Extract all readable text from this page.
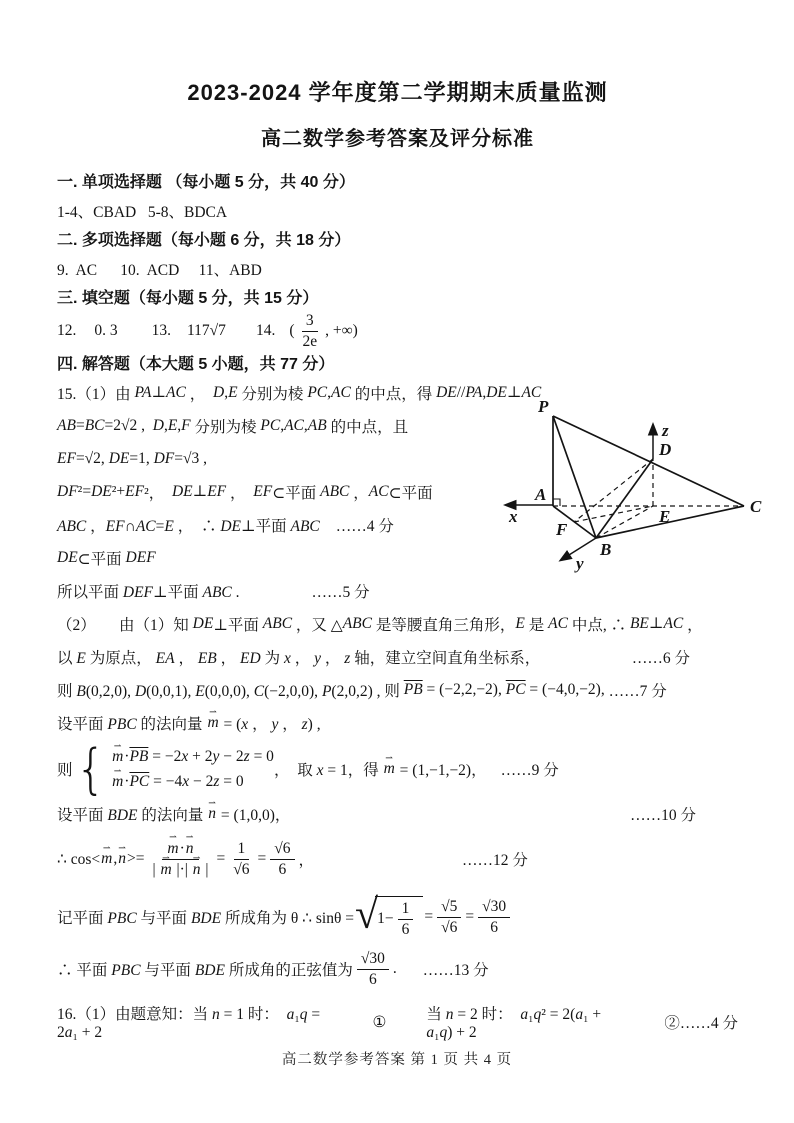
2023-2024 学年度第二学期期末质量监测
高二数学参考答案及评分标准
一. 单项选择题 （每小题 5 分，共 40 分）
1-4、CBAD   5-8、BDCA
二. 多项选择题（每小题 6 分，共 18 分）
9.  AC      10.  ACD     11、ABD
三. 填空题（每小题 5 分，共 15 分）
12. 0. 3 13. 117√7 14. ( $\frac{3}{2e}$ , +∞)
四. 解答题（本大题 5 小题，共 77 分）
15.（1）由 PA ⊥ AC ， D , E 分别为棱 PC , AC 的中点，得 DE // PA , DE ⊥ AC
AB = BC =2√2 , D , E , F 分别为棱 PC , AC , AB 的中点，且
EF =√2, DE =1, DF =√3 ,
DF ²= DE ²+ EF ²， DE ⊥ EF ， EF ⊂平面 ABC ， AC ⊂平面
ABC ，EF∩AC=E ，  ∴ DE⊥平面 ABC ……4 分
DE ⊂平面 DEF
所以平面 DEF⊥平面 ABC .	……5 分
（2）　　由（1）知 DE ⊥平面 ABC ，又 △ ABC 是等腰直角三角形， E 是 AC 中点, ∴ BE ⊥ AC ，
以 E 为原点， EA ， EB ， ED 为 x ， y ， z 轴，建立空间直角坐标系，	……6 分
则 B(0,2,0), D(0,0,1), E(0,0,0), C(−2,0,0), P(2,0,2) , 则 $\overline{PB} = (-2,2,-2)$, $\overline{PC} = (-4,0,-2)$, ……7 分
设平面 PBC 的法向量 m ⇀ = (x ， y ， z) ,
则 { m $⇀\cdot\overline{PB} = -2x + 2y - 2z = 0$
m $⇀\cdot\overline{PC} = -4x - 2z = 0$
，  取 x = 1，得 m ⇀ = (1,−1,−2)， ……9 分
设平面 BDE 的法向量 n ⇀ = (1,0,0)，	……10 分
∴ cos< m ⇀ , n ⇀ >= $\frac{m ⇀\cdot n ⇀}{| m ⇀ |\cdot| n ⇀ |} = \frac{1}{√6} = \frac{√6}{6}$ ，	……12 分
记平面 PBC 与平面 BDE 所成角为 θ ∴ sinθ = √ $1- \frac{1}{6} = \frac{√5}{√6} = \frac{√30}{6}$
∴ 平面 PBC 与平面 BDE 所成角的正弦值为 $\frac{√30}{6}$ . ……13 分
16.（1）由题意知：当 n = 1 时：  a₁q = 2a₁ + 2
①	当 n = 2 时：  a₁q² = 2(a₁ + a₁q) + 2
②……4 分
P
A
B
C
D
E
F
x
y
z
高二数学参考答案 第 1 页 共 4 页
